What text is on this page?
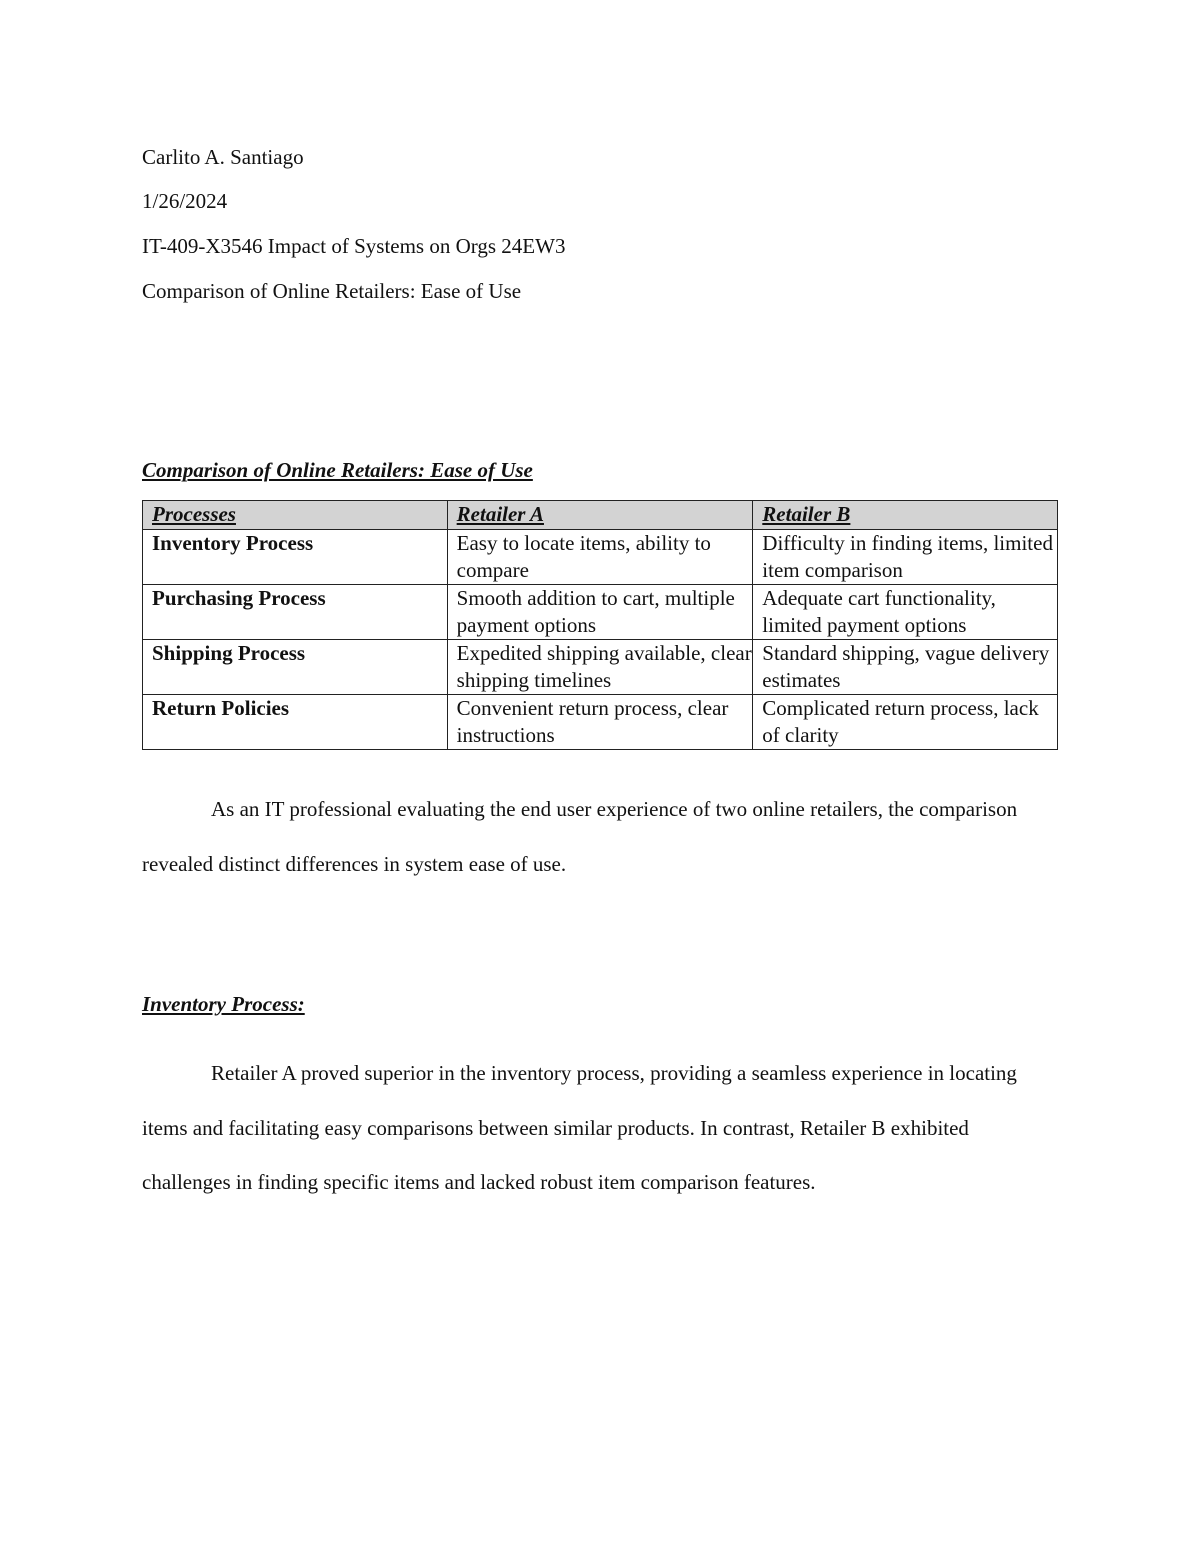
Carlito A. Santiago
1/26/2024
IT-409-X3546 Impact of Systems on Orgs 24EW3
Comparison of Online Retailers: Ease of Use
Comparison of Online Retailers: Ease of Use
Processes	Retailer A	Retailer B
Inventory Process	Easy to locate items, ability to compare	Difficulty in finding items, limited item comparison
Purchasing Process	Smooth addition to cart, multiple payment options	Adequate cart functionality, limited payment options
Shipping Process	Expedited shipping available, clear shipping timelines	Standard shipping, vague delivery estimates
Return Policies	Convenient return process, clear instructions	Complicated return process, lack of clarity
As an IT professional evaluating the end user experience of two online retailers, the comparison revealed distinct differences in system ease of use.
Inventory Process:
Retailer A proved superior in the inventory process, providing a seamless experience in locating items and facilitating easy comparisons between similar products. In contrast, Retailer B exhibited challenges in finding specific items and lacked robust item comparison features.
